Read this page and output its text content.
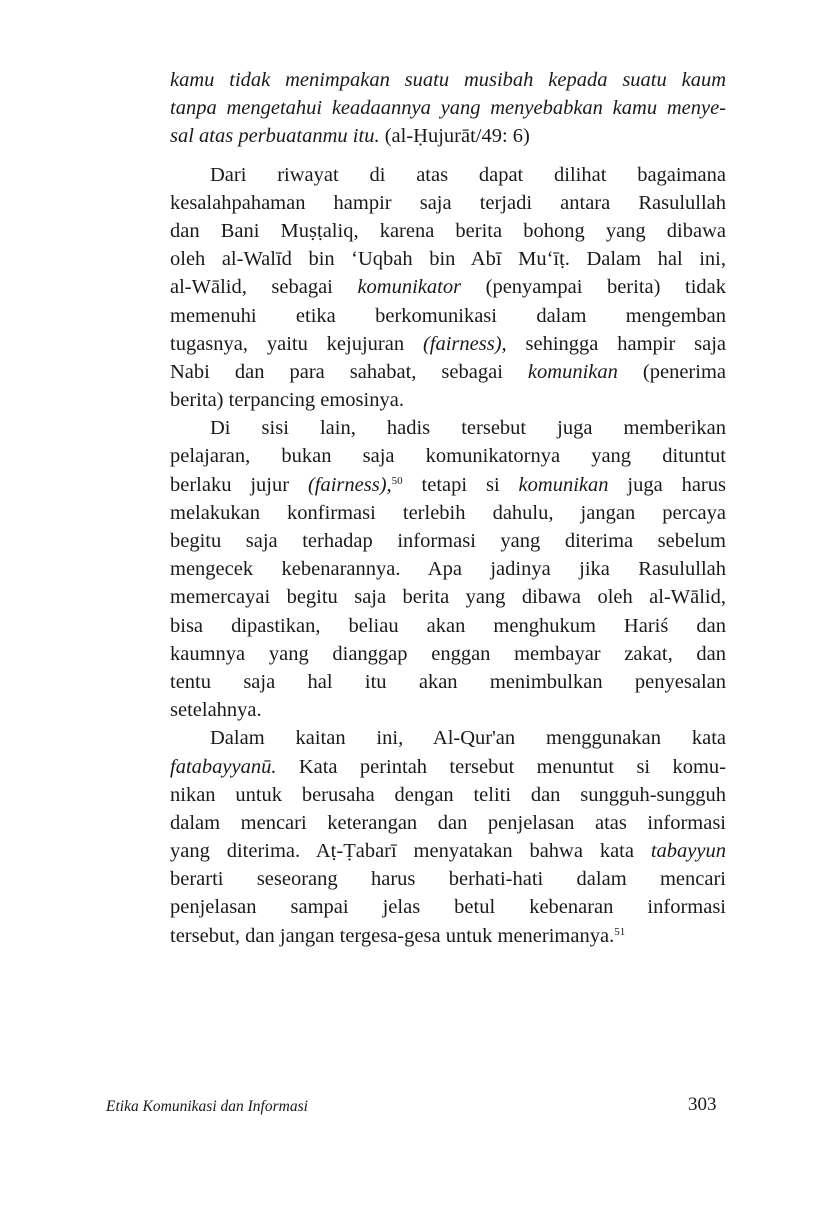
kamu tidak menimpakan suatu musibah kepada suatu kaum
tanpa mengetahui keadaannya yang menyebabkan kamu menye-
sal atas perbuatanmu itu. (al-Ḥujurāt/49: 6)
Dari riwayat di atas dapat dilihat bagaimana
kesalahpahaman hampir saja terjadi antara Rasulullah
dan Bani Muṣṭaliq, karena berita bohong yang dibawa
oleh al-Walīd bin ‘Uqbah bin Abī Mu‘īṭ. Dalam hal ini,
al-Wālid, sebagai komunikator (penyampai berita) tidak
memenuhi etika berkomunikasi dalam mengemban
tugasnya, yaitu kejujuran (fairness), sehingga hampir saja
Nabi dan para sahabat, sebagai komunikan (penerima
berita) terpancing emosinya.
Di sisi lain, hadis tersebut juga memberikan
pelajaran, bukan saja komunikatornya yang dituntut
berlaku jujur (fairness),$^{50}$ tetapi si komunikan juga harus
melakukan konfirmasi terlebih dahulu, jangan percaya
begitu saja terhadap informasi yang diterima sebelum
mengecek kebenarannya. Apa jadinya jika Rasulullah
memercayai begitu saja berita yang dibawa oleh al-Wālid,
bisa dipastikan, beliau akan menghukum Hariś dan
kaumnya yang dianggap enggan membayar zakat, dan
tentu saja hal itu akan menimbulkan penyesalan
setelahnya.
Dalam kaitan ini, Al-Qur'an menggunakan kata
fatabayyanū. Kata perintah tersebut menuntut si komu-
nikan untuk berusaha dengan teliti dan sungguh-sungguh
dalam mencari keterangan dan penjelasan atas informasi
yang diterima. Aṭ-Ṭabarī menyatakan bahwa kata tabayyun
berarti seseorang harus berhati-hati dalam mencari
penjelasan sampai jelas betul kebenaran informasi
tersebut, dan jangan tergesa-gesa untuk menerimanya.$^{51}$
Etika Komunikasi dan Informasi	303
